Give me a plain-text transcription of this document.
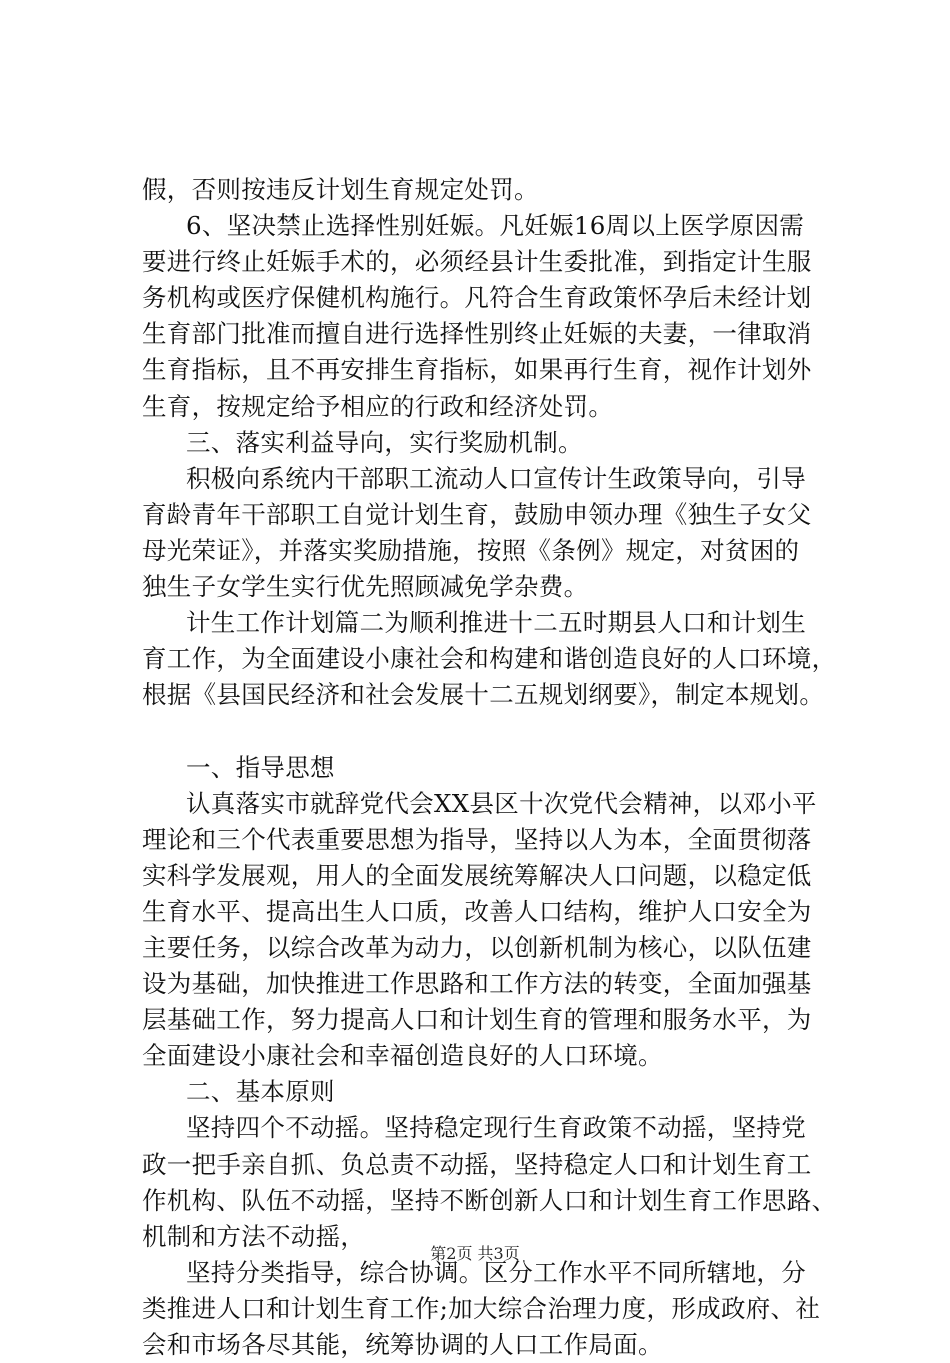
假，否则按违反计划生育规定处罚。
6、坚决禁止选择性别妊娠。凡妊娠16周以上医学原因需
要进行终止妊娠手术的，必须经县计生委批准，到指定计生服
务机构或医疗保健机构施行。凡符合生育政策怀孕后未经计划
生育部门批准而擅自进行选择性别终止妊娠的夫妻，一律取消
生育指标，且不再安排生育指标，如果再行生育，视作计划外
生育，按规定给予相应的行政和经济处罚。
三、落实利益导向，实行奖励机制。
积极向系统内干部职工流动人口宣传计生政策导向，引导
育龄青年干部职工自觉计划生育，鼓励申领办理《独生子女父
母光荣证》，并落实奖励措施，按照《条例》规定，对贫困的
独生子女学生实行优先照顾减免学杂费。
计生工作计划篇二为顺利推进十二五时期县人口和计划生
育工作，为全面建设小康社会和构建和谐创造良好的人口环境，
根据《县国民经济和社会发展十二五规划纲要》，制定本规划。
一、指导思想
认真落实市就辞党代会XX县区十次党代会精神，以邓小平
理论和三个代表重要思想为指导，坚持以人为本，全面贯彻落
实科学发展观，用人的全面发展统筹解决人口问题，以稳定低
生育水平、提高出生人口质，改善人口结构，维护人口安全为
主要任务，以综合改革为动力，以创新机制为核心，以队伍建
设为基础，加快推进工作思路和工作方法的转变，全面加强基
层基础工作，努力提高人口和计划生育的管理和服务水平，为
全面建设小康社会和幸福创造良好的人口环境。
二、基本原则
坚持四个不动摇。坚持稳定现行生育政策不动摇，坚持党
政一把手亲自抓、负总责不动摇，坚持稳定人口和计划生育工
作机构、队伍不动摇，坚持不断创新人口和计划生育工作思路、
机制和方法不动摇，
坚持分类指导，综合协调。区分工作水平不同所辖地，分
类推进人口和计划生育工作;加大综合治理力度，形成政府、社
会和市场各尽其能，统筹协调的人口工作局面。
第2页 共3页
